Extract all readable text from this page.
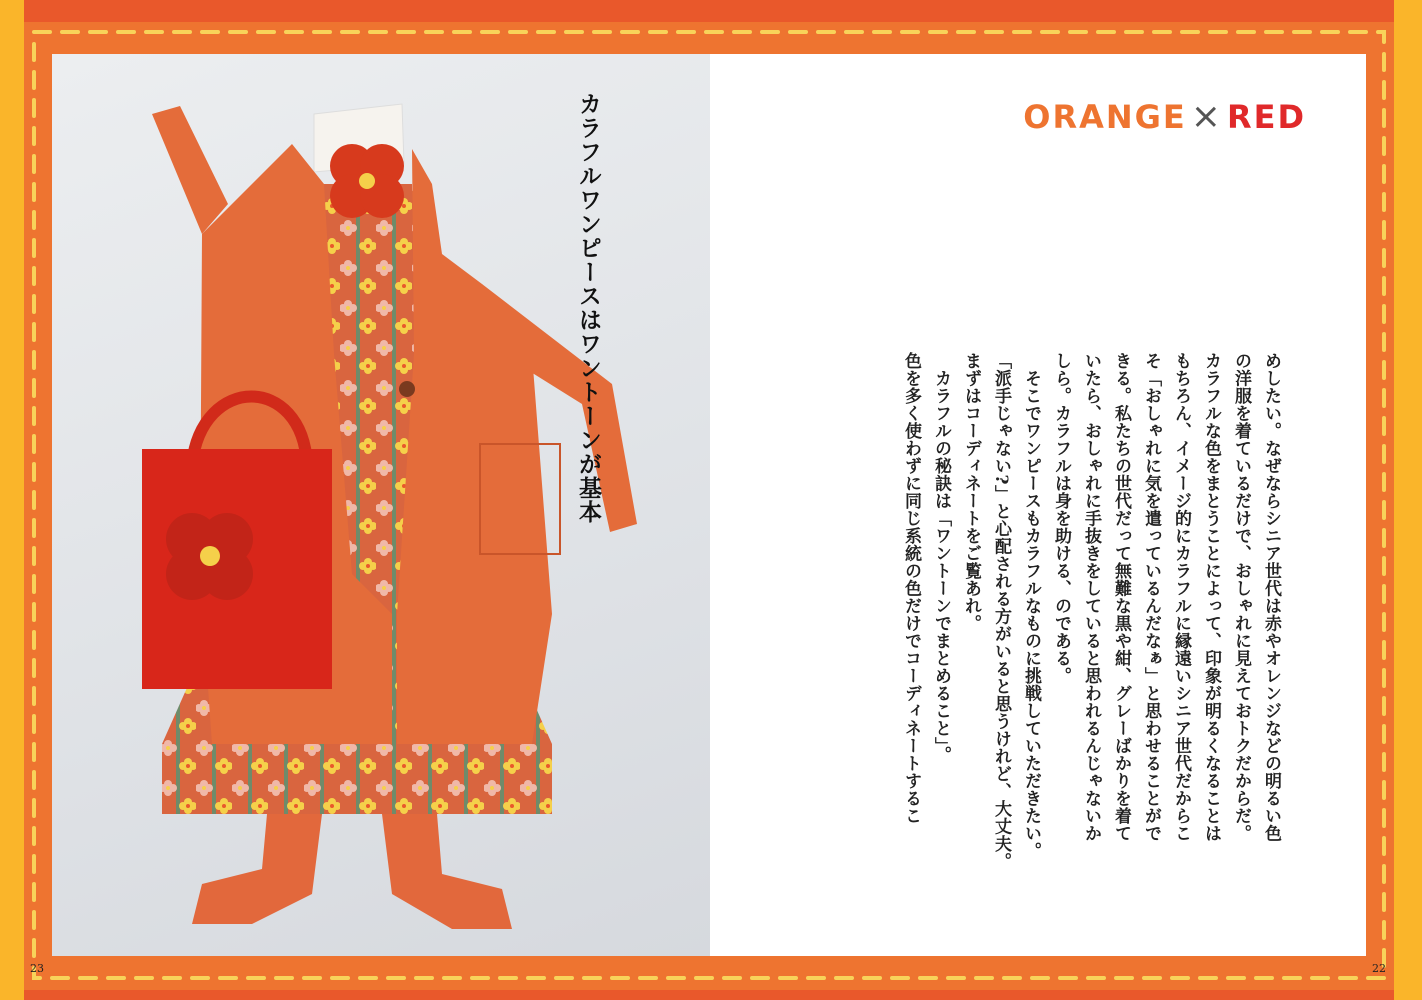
カラフルワンピースはワントーンが基本	ORANGE × RED

めしたい。なぜならシニア世代は赤やオレンジなどの明るい色

の洋服を着ているだけで、おしゃれに見えておトクだからだ。

カラフルな色をまとうことによって、印象が明るくなることは

もちろん、イメージ的にカラフルに縁遠いシニア世代だからこ

そ「おしゃれに気を遣っているんだなぁ」と思わせることがで

きる。私たちの世代だって無難な黒や紺、グレーばかりを着て

いたら、おしゃれに手抜きをしていると思われるんじゃないか

しら。カラフルは身を助ける、のである。

　そこでワンピースもカラフルなものに挑戦していただきたい。

「派手じゃない?」と心配される方がいると思うけれど、大丈夫。

まずはコーディネートをご覧あれ。

　カラフルの秘訣は「ワントーンでまとめること」。

色を多く使わずに同じ系統の色だけでコーディネートするこ

23	22
